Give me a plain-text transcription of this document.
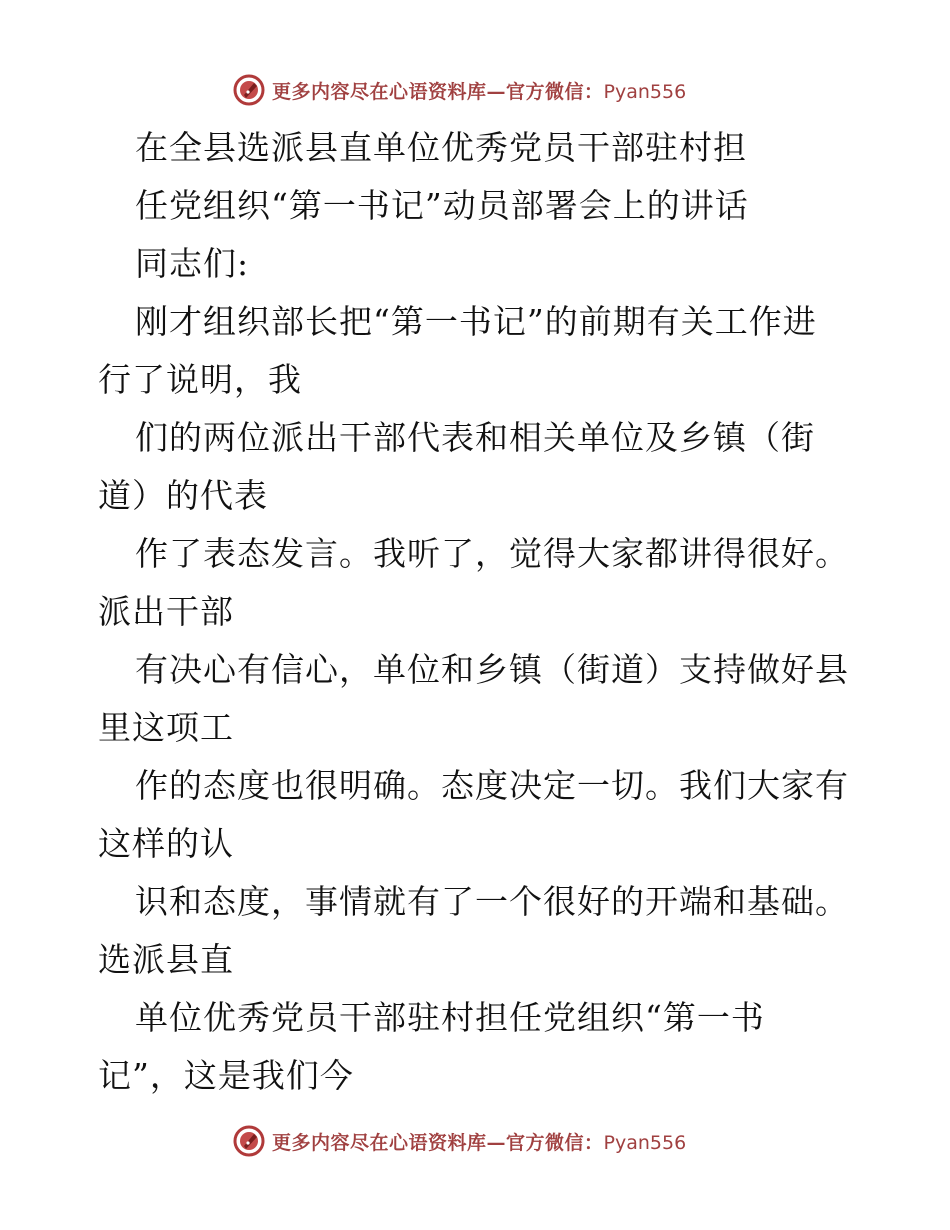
更多内容尽在心语资料库—官方微信：Pyan556
在全县选派县直单位优秀党员干部驻村担
任党组织“第一书记”动员部署会上的讲话
同志们:
刚才组织部长把“第一书记”的前期有关工作进
行了说明，我
们的两位派出干部代表和相关单位及乡镇（街
道）的代表
作了表态发言。我听了，觉得大家都讲得很好。
派出干部
有决心有信心，单位和乡镇（街道）支持做好县
里这项工
作的态度也很明确。态度决定一切。我们大家有
这样的认
识和态度，事情就有了一个很好的开端和基础。
选派县直
单位优秀党员干部驻村担任党组织“第一书
记”，这是我们今
更多内容尽在心语资料库—官方微信：Pyan556
